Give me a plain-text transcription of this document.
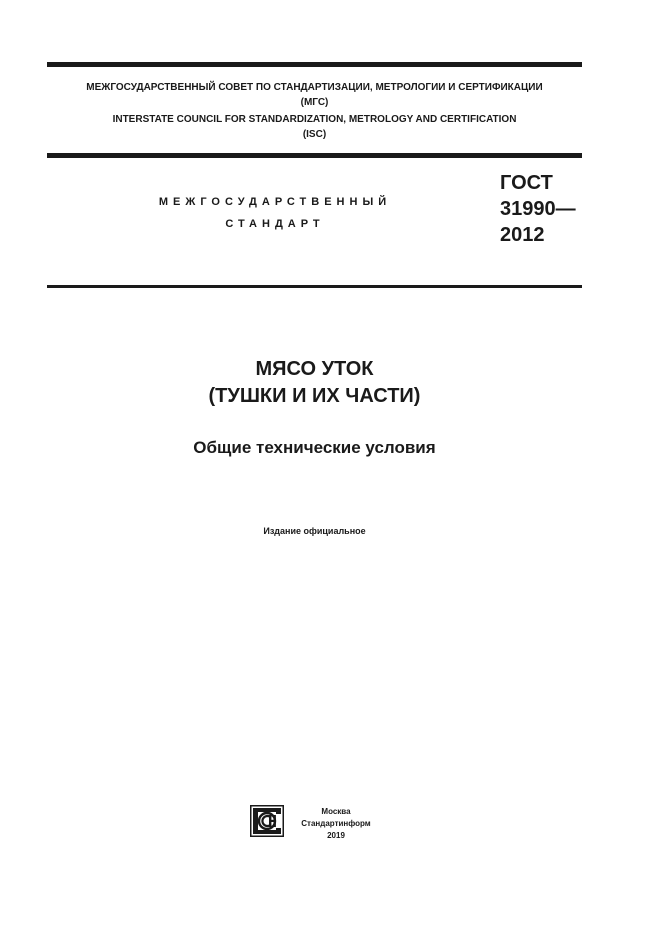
МЕЖГОСУДАРСТВЕННЫЙ СОВЕТ ПО СТАНДАРТИЗАЦИИ, МЕТРОЛОГИИ И СЕРТИФИКАЦИИ
(МГС)
INTERSTATE COUNCIL FOR STANDARDIZATION, METROLOGY AND CERTIFICATION
(ISC)
МЕЖГОСУДАРСТВЕННЫЙ
СТАНДАРТ
ГОСТ
31990—
2012
МЯСО УТОК
(ТУШКИ И ИХ ЧАСТИ)
Общие технические условия
Издание официальное
Москва
Стандартинформ
2019
